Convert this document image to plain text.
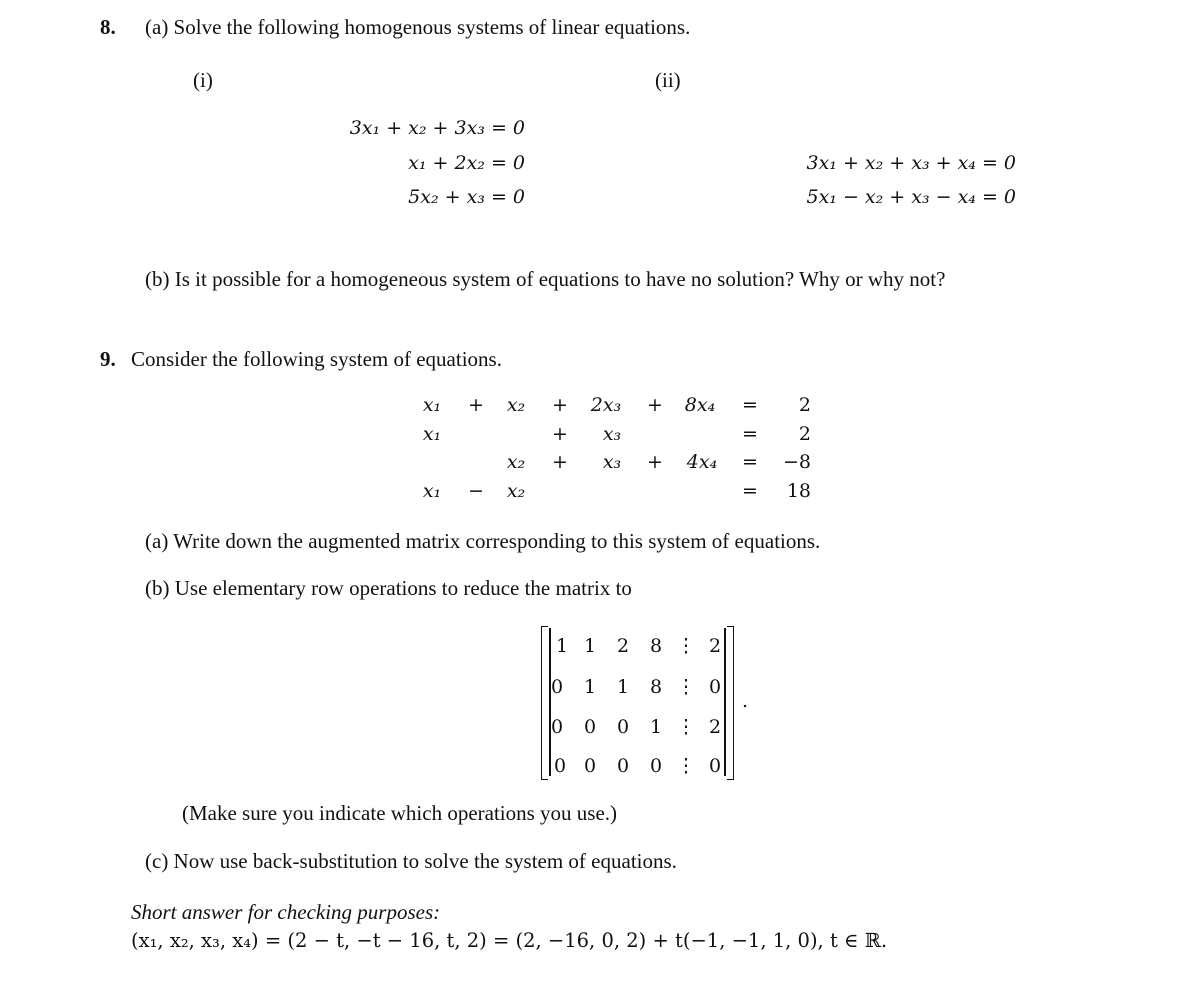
8. (a) Solve the following homogenous systems of linear equations.
(i)	(ii)
3x₁ + x₂ + 3x₃ = 0
x₁ + 2x₂ = 0
5x₂ + x₃ = 0
3x₁ + x₂ + x₃ + x₄ = 0
5x₁ − x₂ + x₃ − x₄ = 0
(b) Is it possible for a homogeneous system of equations to have no solution? Why or why not?
9. Consider the following system of equations.
x₁ + x₂ + 2x₃ + 8x₄ = 2
x₁	+ x₃	= 2
x₂ + x₃ + 4x₄ = −8
x₁ − x₂	= 18
(a) Write down the augmented matrix corresponding to this system of equations.
(b) Use elementary row operations to reduce the matrix to
1 1 2 8 ⋮ 2
0 1 1 8 ⋮ 0
0 0 0 1 ⋮ 2
0 0 0 0 ⋮ 0
.
(Make sure you indicate which operations you use.)
(c) Now use back-substitution to solve the system of equations.
Short answer for checking purposes:
(x₁, x₂, x₃, x₄) = (2 − t, −t − 16, t, 2) = (2, −16, 0, 2) + t(−1, −1, 1, 0), t ∈ ℝ.
